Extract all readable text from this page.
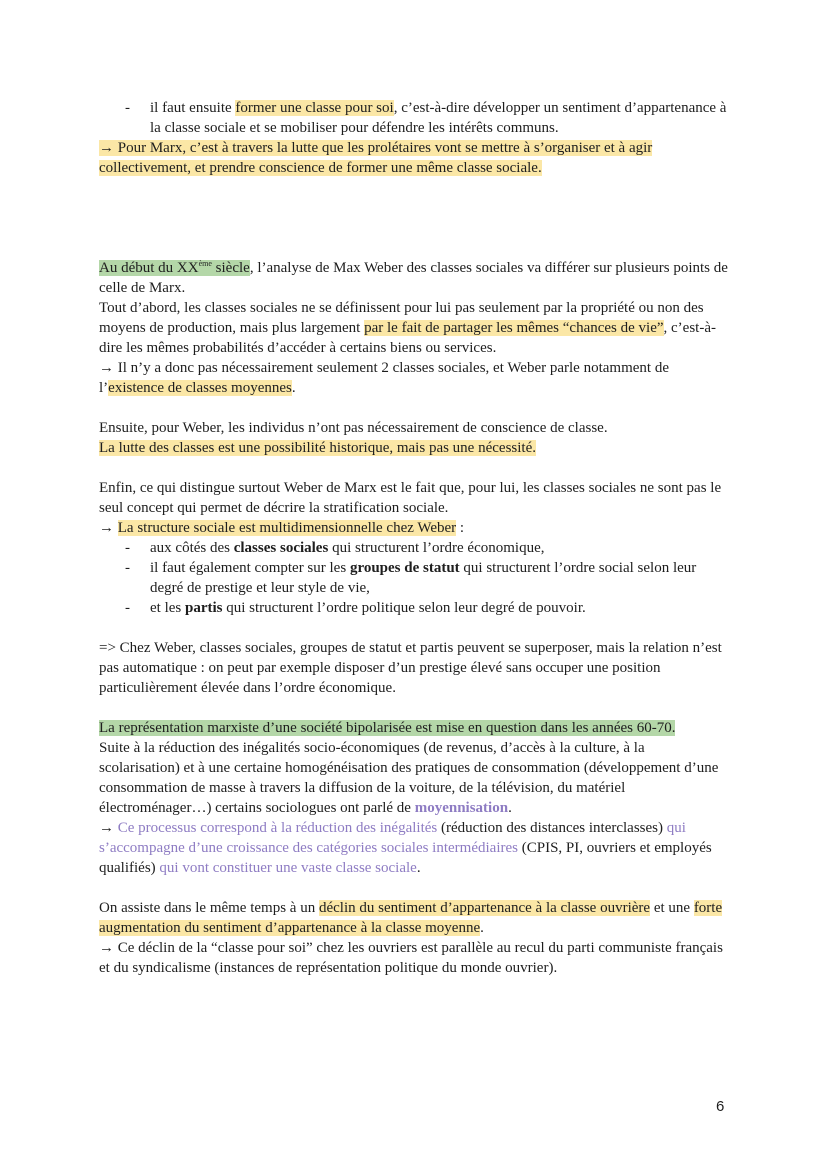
- il faut ensuite former une classe pour soi, c’est-à-dire développer un sentiment d’appartenance à la classe sociale et se mobiliser pour défendre les intérêts communs.

→ Pour Marx, c’est à travers la lutte que les prolétaires vont se mettre à s’organiser et à agir collectivement, et prendre conscience de former une même classe sociale.

Au début du XXème siècle, l’analyse de Max Weber des classes sociales va différer sur plusieurs points de celle de Marx.

Tout d’abord, les classes sociales ne se définissent pour lui pas seulement par la propriété ou non des moyens de production, mais plus largement par le fait de partager les mêmes “chances de vie”, c’est-à-dire les mêmes probabilités d’accéder à certains biens ou services.

→ Il n’y a donc pas nécessairement seulement 2 classes sociales, et Weber parle notamment de l’existence de classes moyennes.

Ensuite, pour Weber, les individus n’ont pas nécessairement de conscience de classe.

La lutte des classes est une possibilité historique, mais pas une nécessité.

Enfin, ce qui distingue surtout Weber de Marx est le fait que, pour lui, les classes sociales ne sont pas le seul concept qui permet de décrire la stratification sociale.

→ La structure sociale est multidimensionnelle chez Weber :

- aux côtés des classes sociales qui structurent l’ordre économique,

- il faut également compter sur les groupes de statut qui structurent l’ordre social selon leur degré de prestige et leur style de vie,

- et les partis qui structurent l’ordre politique selon leur degré de pouvoir.

=> Chez Weber, classes sociales, groupes de statut et partis peuvent se superposer, mais la relation n’est pas automatique : on peut par exemple disposer d’un prestige élevé sans occuper une position particulièrement élevée dans l’ordre économique.

La représentation marxiste d’une société bipolarisée est mise en question dans les années 60-70.

Suite à la réduction des inégalités socio-économiques (de revenus, d’accès à la culture, à la scolarisation) et à une certaine homogénéisation des pratiques de consommation (développement d’une consommation de masse à travers la diffusion de la voiture, de la télévision, du matériel électroménager…) certains sociologues ont parlé de moyennisation.

→ Ce processus correspond à la réduction des inégalités (réduction des distances interclasses) qui s’accompagne d’une croissance des catégories sociales intermédiaires (CPIS, PI, ouvriers et employés qualifiés) qui vont constituer une vaste classe sociale.

On assiste dans le même temps à un déclin du sentiment d’appartenance à la classe ouvrière et une forte augmentation du sentiment d’appartenance à la classe moyenne.

→ Ce déclin de la “classe pour soi” chez les ouvriers est parallèle au recul du parti communiste français et du syndicalisme (instances de représentation politique du monde ouvrier).

6
